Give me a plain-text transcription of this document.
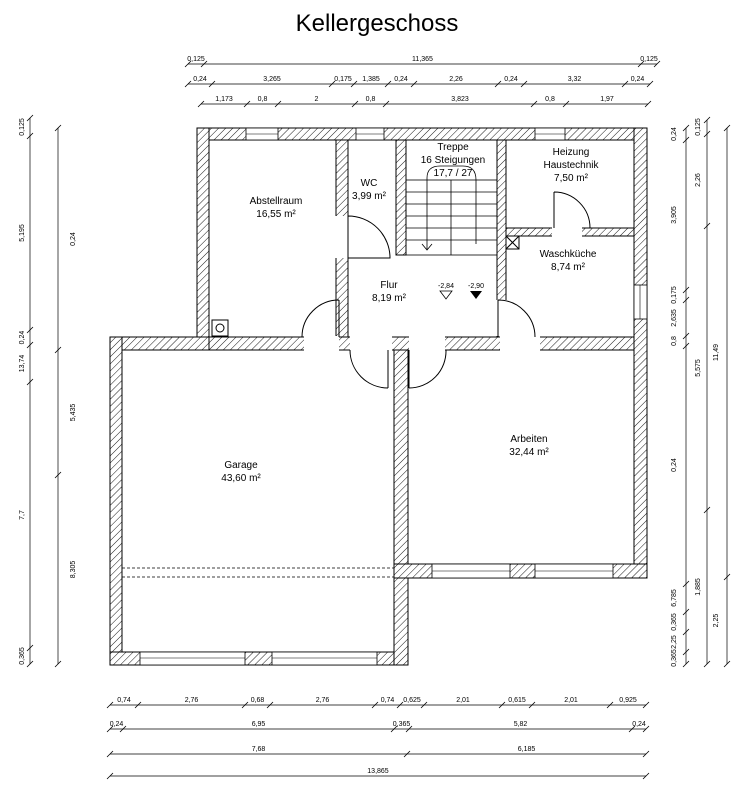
Kellergeschoss
-2,84 -2,90
Abstellraum
16,55 m²
WC
3,99 m²
Treppe
16 Steigungen
17,7 / 27
Heizung
Haustechnik
7,50 m²
Waschküche
8,74 m²
Flur
8,19 m²
Arbeiten
32,44 m²
Garage
43,60 m²
0,125	11,365	0,125
0,24	3,265	0,175 1,385 0,24	2,26	0,24	3,32	0,24
1,173	0,8	2	0,8	3,823	0,8	1,97
0,74	2,76	0,68	2,76	0,74 0,625	2,01	0,615	2,01	0,925
0,24	6,95	0,365	5,82	0,24
7,68	6,185
13,865
0,125
5,195
0,24
13,74
7,7
0,365
0,24
5,435
8,305
0,24
3,905
0,175
2,635
0,8
0,24
6,785
0,365
2,25
0,365
0,125
2,26
5,575
1,885
11,49
2,25
